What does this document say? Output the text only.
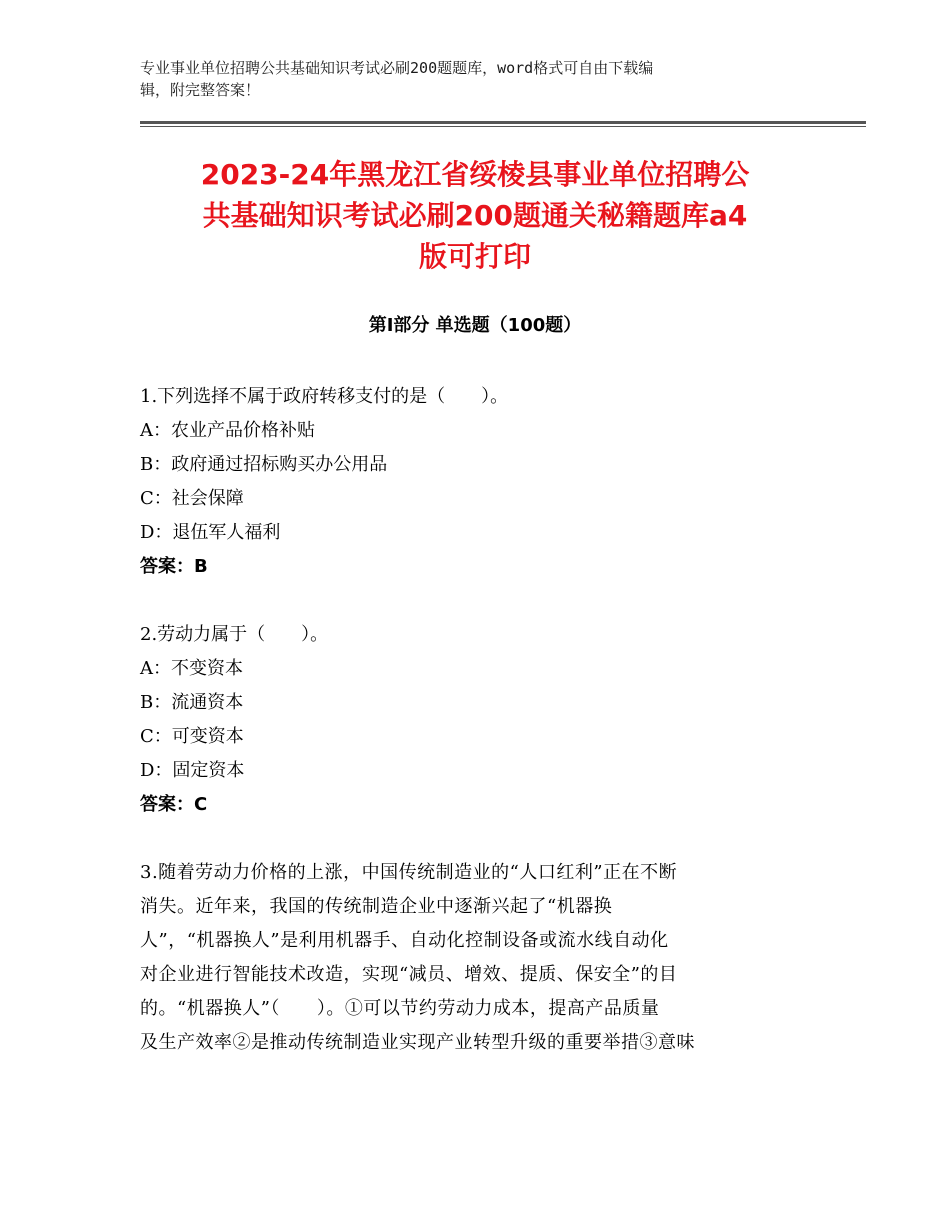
专业事业单位招聘公共基础知识考试必刷200题题库，word格式可自由下载编
辑，附完整答案！
2023-24年黑龙江省绥棱县事业单位招聘公
共基础知识考试必刷200题通关秘籍题库a4
版可打印
第Ⅰ部分 单选题（100题）
1.下列选择不属于政府转移支付的是（　　）。
A：农业产品价格补贴
B：政府通过招标购买办公用品
C：社会保障
D：退伍军人福利
答案：B
2.劳动力属于（　　）。
A：不变资本
B：流通资本
C：可变资本
D：固定资本
答案：C
3.随着劳动力价格的上涨，中国传统制造业的“人口红利”正在不断
消失。近年来，我国的传统制造企业中逐渐兴起了“机器换
人”，“机器换人”是利用机器手、自动化控制设备或流水线自动化
对企业进行智能技术改造，实现“减员、增效、提质、保安全”的目
的。“机器换人”（　　）。①可以节约劳动力成本，提高产品质量
及生产效率②是推动传统制造业实现产业转型升级的重要举措③意味
